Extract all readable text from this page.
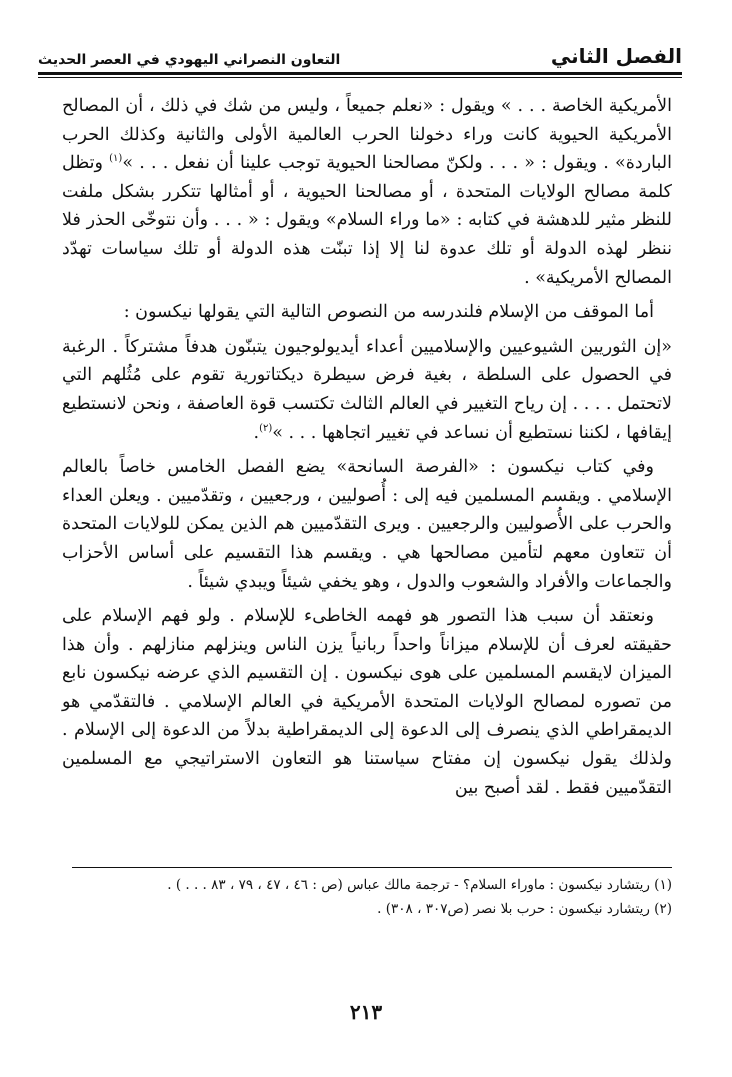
الفصل الثاني
التعاون النصراني اليهودي في العصر الحديث

الأمريكية الخاصة . . . » ويقول : «نعلم جميعاً ، وليس من شك في ذلك ، أن المصالح الأمريكية الحيوية كانت وراء دخولنا الحرب العالمية الأولى والثانية وكذلك الحرب الباردة» . ويقول : « . . . ولكنّ مصالحنا الحيوية توجب علينا أن نفعل . . . »$^{(١)}$ وتظل كلمة مصالح الولايات المتحدة ، أو مصالحنا الحيوية ، أو أمثالها تتكرر بشكل ملفت للنظر مثير للدهشة في كتابه : «ما وراء السلام» ويقول : « . . . وأن نتوخّى الحذر فلا ننظر لهذه الدولة أو تلك عدوة لنا إلا إذا تبنّت هذه الدولة أو تلك سياسات تهدّد المصالح الأمريكية» .

أما الموقف من الإسلام فلندرسه من النصوص التالية التي يقولها نيكسون :

«إن الثوريين الشيوعيين والإسلاميين أعداء أيديولوجيون يتبنّون هدفاً مشتركاً . الرغبة في الحصول على السلطة ، بغية فرض سيطرة ديكتاتورية تقوم على مُثُلهم التي لاتحتمل . . . . إن رياح التغيير في العالم الثالث تكتسب قوة العاصفة ، ونحن لانستطيع إيقافها ، لكننا نستطيع أن نساعد في تغيير اتجاهها . . . »$^{(٢)}$.

وفي كتاب نيكسون : «الفرصة السانحة» يضع الفصل الخامس خاصاً بالعالم الإسلامي . ويقسم المسلمين فيه إلى : أُصوليين ، ورجعيين ، وتقدّميين . ويعلن العداء والحرب على الأُصوليين والرجعيين . ويرى التقدّميين هم الذين يمكن للولايات المتحدة أن تتعاون معهم لتأمين مصالحها هي . ويقسم هذا التقسيم على أساس الأحزاب والجماعات والأفراد والشعوب والدول ، وهو يخفي شيئاً ويبدي شيئاً .

ونعتقد أن سبب هذا التصور هو فهمه الخاطىء للإسلام . ولو فهم الإسلام على حقيقته لعرف أن للإسلام ميزاناً واحداً ربانياً يزن الناس وينزلهم منازلهم . وأن هذا الميزان لايقسم المسلمين على هوى نيكسون . إن التقسيم الذي عرضه نيكسون نابع من تصوره لمصالح الولايات المتحدة الأمريكية في العالم الإسلامي . فالتقدّمي هو الديمقراطي الذي ينصرف إلى الدعوة إلى الديمقراطية بدلاً من الدعوة إلى الإسلام . ولذلك يقول نيكسون إن مفتاح سياستنا هو التعاون الاستراتيجي مع المسلمين التقدّميين فقط . لقد أصبح بين

(١) ريتشارد نيكسون : ماوراء السلام؟ - ترجمة مالك عباس (ص : ٤٦ ، ٤٧ ، ٧٩ ، ٨٣ . . . ) .
(٢) ريتشارد نيكسون : حرب بلا نصر (ص٣٠٧ ، ٣٠٨) .
٢١٣
